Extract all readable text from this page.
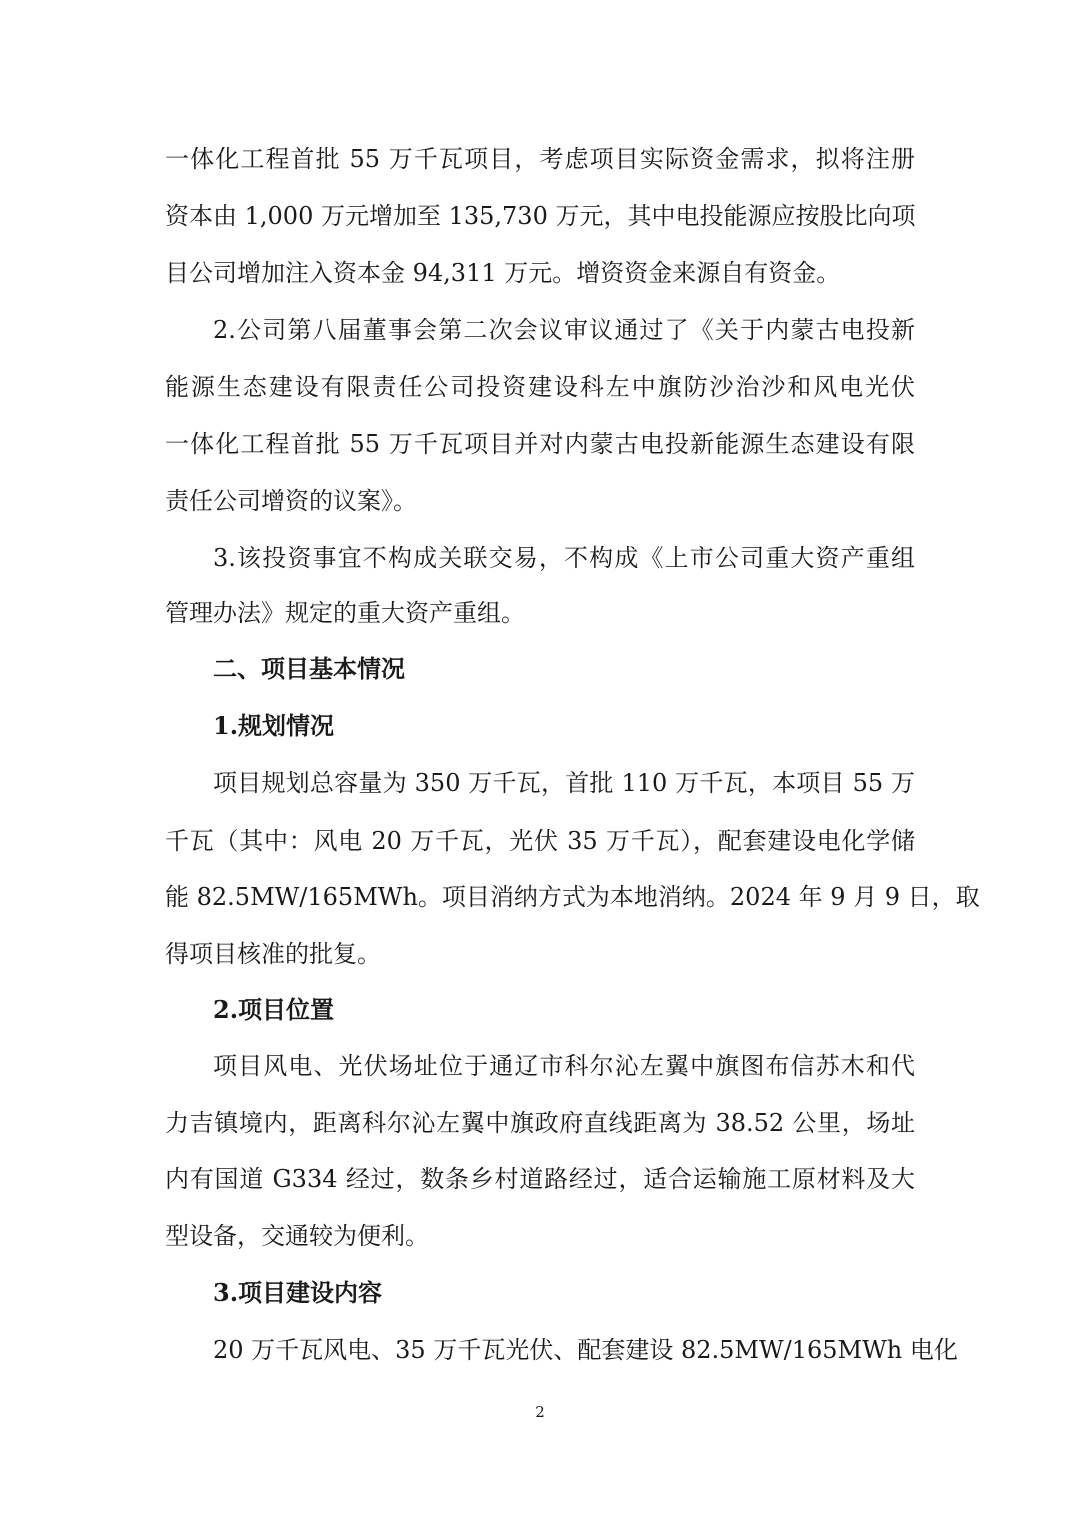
一体化工程首批 55 万千瓦项目，考虑项目实际资金需求，拟将注册
资本由 1,000 万元增加至 135,730 万元，其中电投能源应按股比向项
目公司增加注入资本金 94,311 万元。增资资金来源自有资金。
2.公司第八届董事会第二次会议审议通过了《关于内蒙古电投新
能源生态建设有限责任公司投资建设科左中旗防沙治沙和风电光伏
一体化工程首批 55 万千瓦项目并对内蒙古电投新能源生态建设有限
责任公司增资的议案》。
3.该投资事宜不构成关联交易，不构成《上市公司重大资产重组
管理办法》规定的重大资产重组。
二、项目基本情况
1.规划情况
项目规划总容量为 350 万千瓦，首批 110 万千瓦，本项目 55 万
千瓦（其中：风电 20 万千瓦，光伏 35 万千瓦），配套建设电化学储
能 82.5MW/165MWh。项目消纳方式为本地消纳。2024 年 9 月 9 日，取
得项目核准的批复。
2.项目位置
项目风电、光伏场址位于通辽市科尔沁左翼中旗图布信苏木和代
力吉镇境内，距离科尔沁左翼中旗政府直线距离为 38.52 公里，场址
内有国道 G334 经过，数条乡村道路经过，适合运输施工原材料及大
型设备，交通较为便利。
3.项目建设内容
20 万千瓦风电、35 万千瓦光伏、配套建设 82.5MW/165MWh 电化
2
